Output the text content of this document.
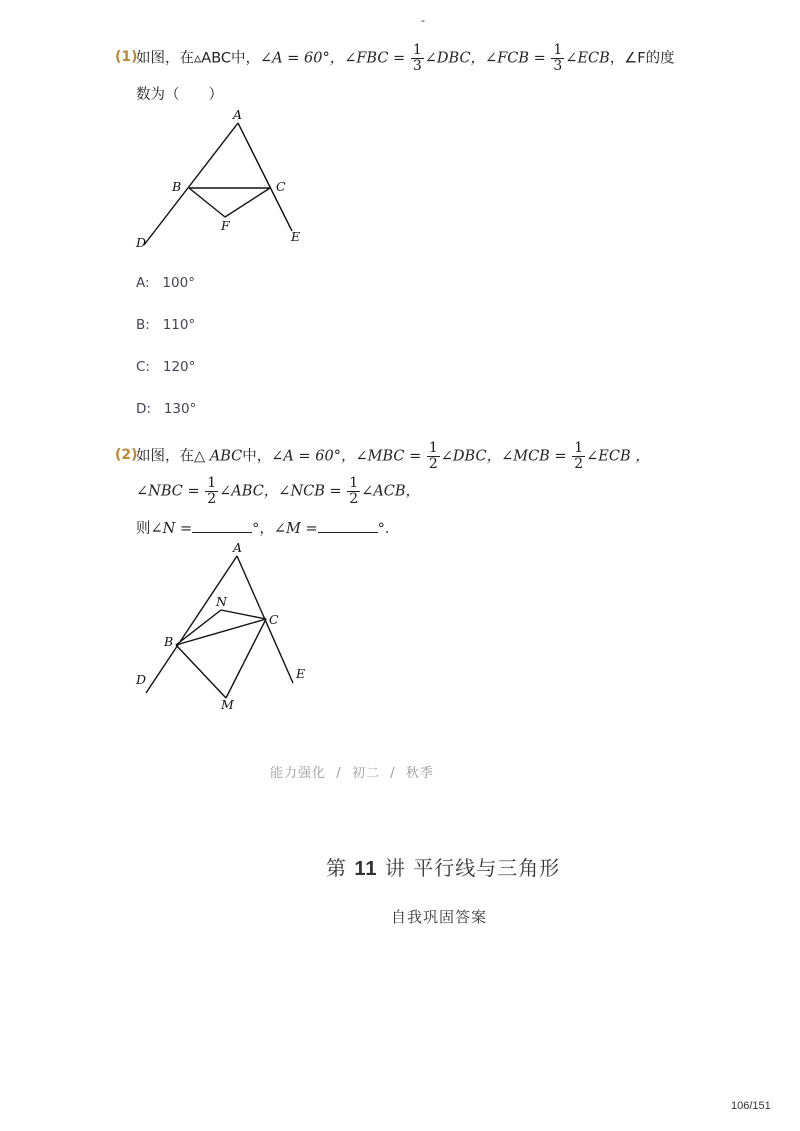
-
(1)
如图，在▵ABC中，∠A = 60°，∠FBC = $\frac{1}{3}$ ∠DBC，∠FCB = $\frac{1}{3}$ ∠ECB，∠F的度
数为（　　）
A
B	C
D	E
F
A: 100°
B: 110°
C: 120°
D: 130°
(2)
如图，在△ ABC中，∠A = 60°，∠MBC = $\frac{1}{2}$ ∠DBC，∠MCB = $\frac{1}{2}$ ∠ECB ，
∠NBC = $\frac{1}{2}$ ∠ABC，∠NCB = $\frac{1}{2}$ ∠ACB，
则∠N =	°，∠M =	°．
A
B
C
D	E
N
M
能力强化 / 初二 / 秋季
第 11 讲 平行线与三角形
自我巩固答案
106/151
